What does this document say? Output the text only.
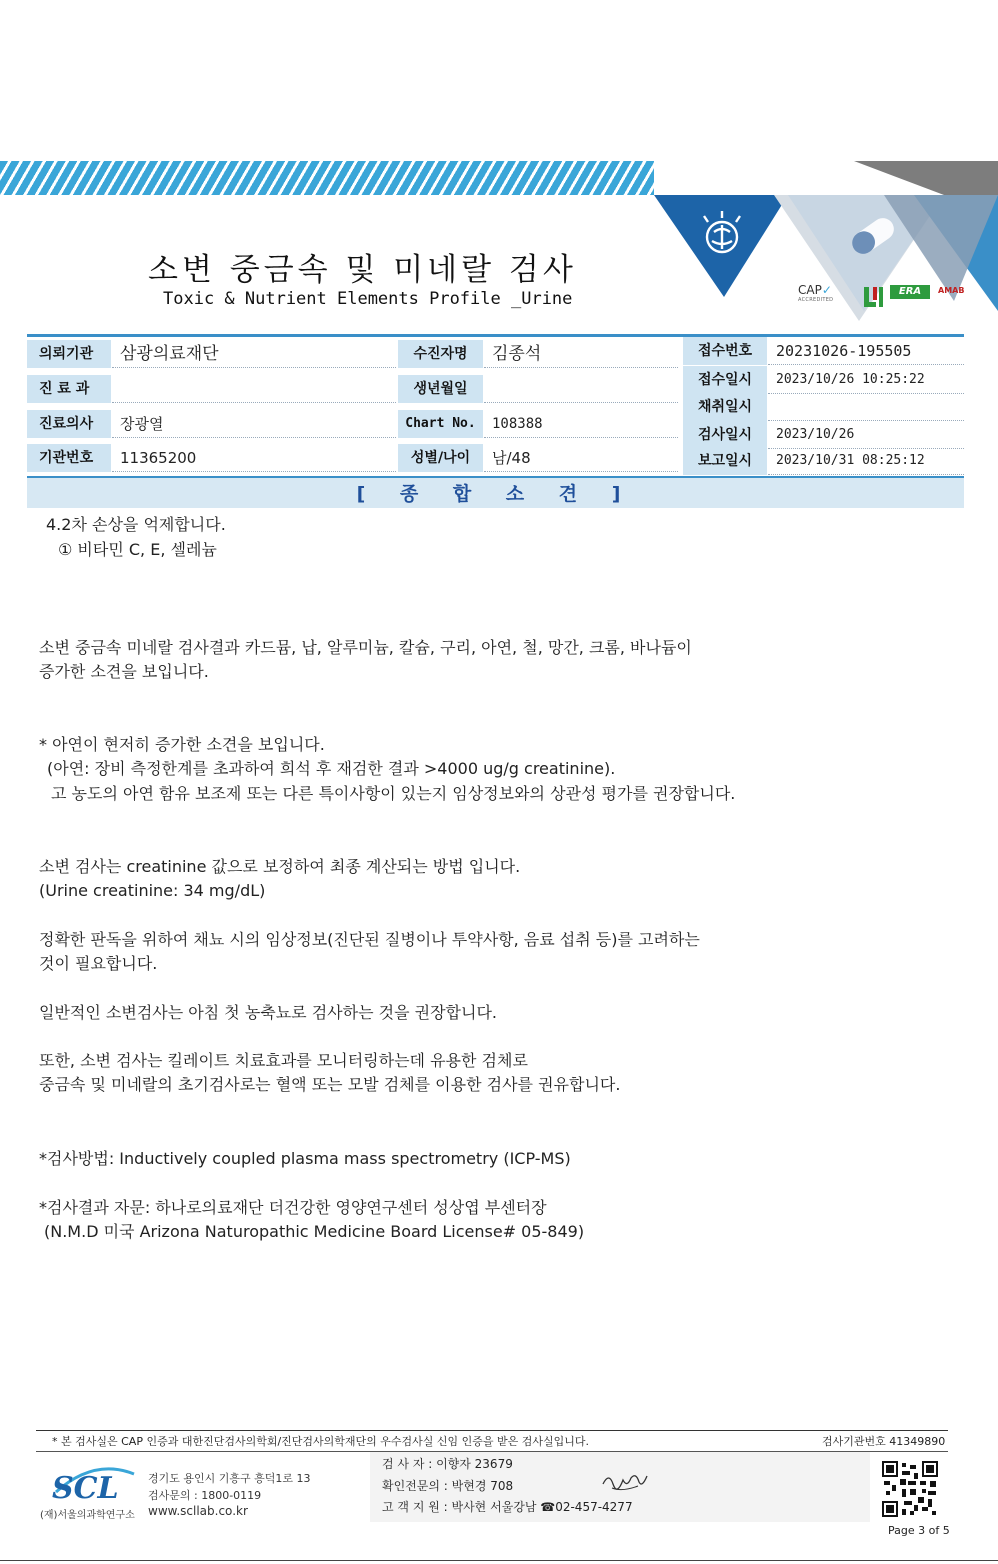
소변 중금속 및 미네랄 검사
Toxic & Nutrient Elements Profile _Urine	CAP✓
ACCREDITED
ERA	AMAB
의뢰기관	삼광의료재단
진 료 과
진료의사	장광열
기관번호	11365200
수진자명	김종석
생년월일
Chart No.	108388
성별/나이	남/48
접수번호	20231026-195505
접수일시	2023/10/26 10:25:22
채취일시
검사일시	2023/10/26
보고일시	2023/10/31 08:25:12
[ 종 합 소 견 ]
4.2차 손상을 억제합니다.
① 비타민 C, E, 셀레늄
소변 중금속 미네랄 검사결과 카드뮴, 납, 알루미늄, 칼슘, 구리, 아연, 철, 망간, 크롬, 바나듐이
증가한 소견을 보입니다.
* 아연이 현저히 증가한 소견을 보입니다.
(아연: 장비 측정한계를 초과하여 희석 후 재검한 결과 >4000 ug/g creatinine).
고 농도의 아연 함유 보조제 또는 다른 특이사항이 있는지 임상정보와의 상관성 평가를 권장합니다.
소변 검사는 creatinine 값으로 보정하여 최종 계산되는 방법 입니다.
(Urine creatinine: 34 mg/dL)
정확한 판독을 위하여 채뇨 시의 임상정보(진단된 질병이나 투약사항, 음료 섭취 등)를 고려하는
것이 필요합니다.
일반적인 소변검사는 아침 첫 농축뇨로 검사하는 것을 권장합니다.
또한, 소변 검사는 킬레이트 치료효과를 모니터링하는데 유용한 검체로
중금속 및 미네랄의 초기검사로는 혈액 또는 모발 검체를 이용한 검사를 권유합니다.
*검사방법: Inductively coupled plasma mass spectrometry (ICP-MS)
*검사결과 자문: 하나로의료재단 더건강한 영양연구센터 성상엽 부센터장
(N.M.D 미국 Arizona Naturopathic Medicine Board License# 05-849)
* 본 검사실은 CAP 인증과 대한진단검사의학회/진단검사의학재단의 우수검사실 신임 인증을 받은 검사실입니다.	검사기관번호 41349890
SCL
(재)서울의과학연구소
경기도 용인시 기흥구 흥덕1로 13
검사문의 : 1800-0119
www.scllab.co.kr
검 사 자 : 이향자 23679
확인전문의 : 박현경 708
고 객 지 원 : 박사현 서울강남 ☎02-457-4277
Page 3 of 5
